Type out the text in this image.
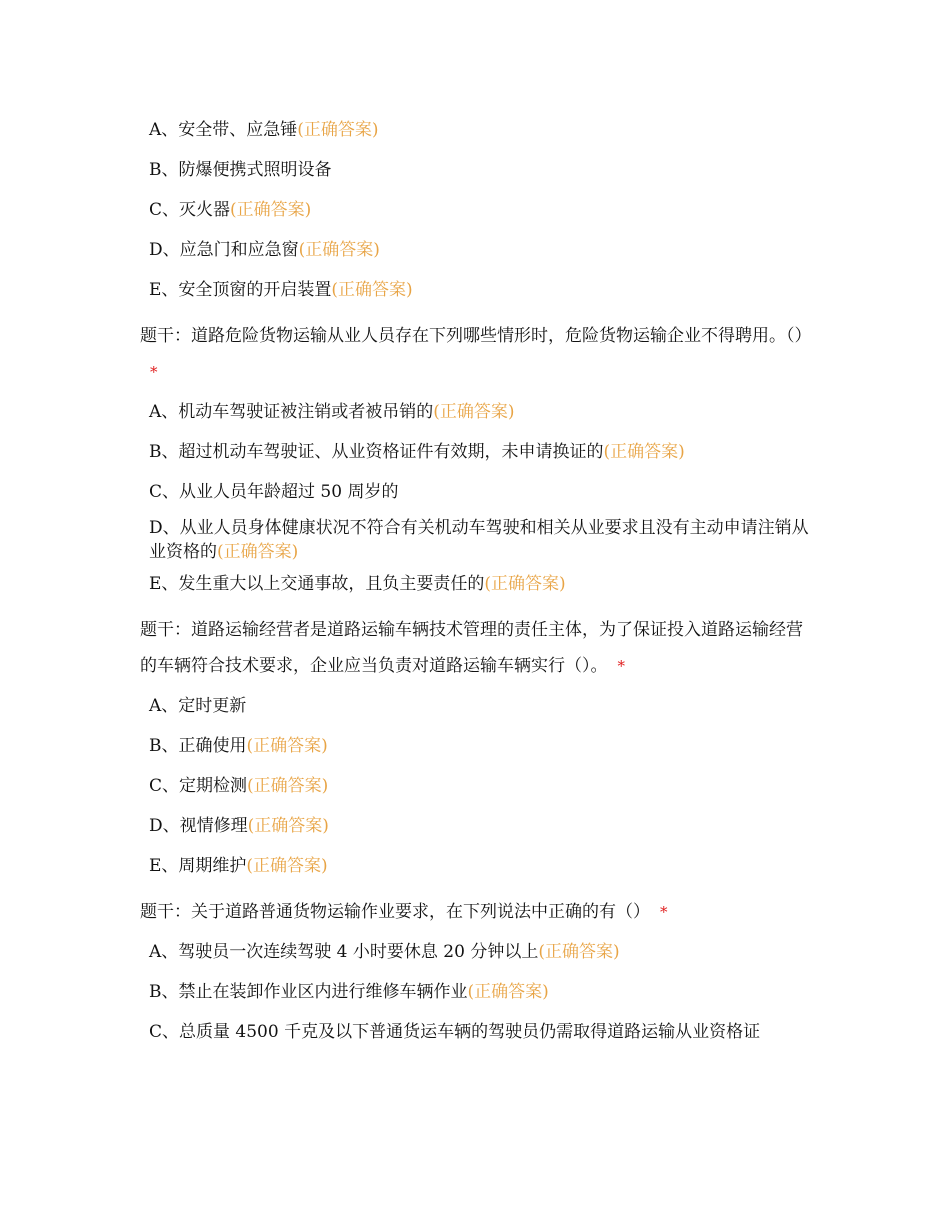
A、安全带、应急锤(正确答案)
B、防爆便携式照明设备
C、灭火器(正确答案)
D、应急门和应急窗(正确答案)
E、安全顶窗的开启装置(正确答案)
题干：道路危险货物运输从业人员存在下列哪些情形时，危险货物运输企业不得聘用。（）*
A、机动车驾驶证被注销或者被吊销的(正确答案)
B、超过机动车驾驶证、从业资格证件有效期，未申请换证的(正确答案)
C、从业人员年龄超过 50 周岁的
D、从业人员身体健康状况不符合有关机动车驾驶和相关从业要求且没有主动申请注销从业资格的(正确答案)
E、发生重大以上交通事故，且负主要责任的(正确答案)
题干：道路运输经营者是道路运输车辆技术管理的责任主体，为了保证投入道路运输经营的车辆符合技术要求，企业应当负责对道路运输车辆实行（）。 *
A、定时更新
B、正确使用(正确答案)
C、定期检测(正确答案)
D、视情修理(正确答案)
E、周期维护(正确答案)
题干：关于道路普通货物运输作业要求，在下列说法中正确的有（） *
A、驾驶员一次连续驾驶 4 小时要休息 20 分钟以上(正确答案)
B、禁止在装卸作业区内进行维修车辆作业(正确答案)
C、总质量 4500 千克及以下普通货运车辆的驾驶员仍需取得道路运输从业资格证
